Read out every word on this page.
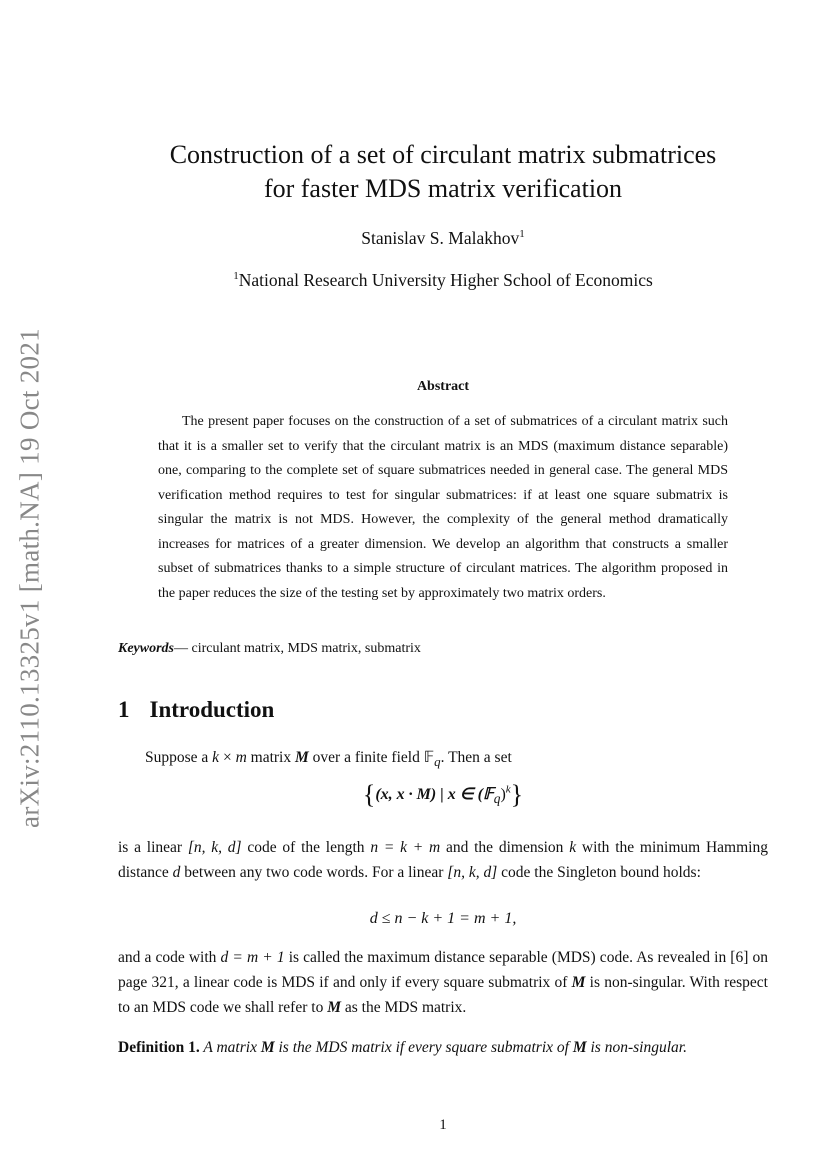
arXiv:2110.13325v1 [math.NA] 19 Oct 2021
Construction of a set of circulant matrix submatrices
for faster MDS matrix verification
Stanislav S. Malakhov$^1$
$^1$National Research University Higher School of Economics
Abstract
The present paper focuses on the construction of a set of submatrices of a circulant matrix such that it is a smaller set to verify that the circulant matrix is an MDS (maximum distance separable) one, comparing to the complete set of square submatrices needed in general case. The general MDS verification method requires to test for singular submatrices: if at least one square submatrix is singular the matrix is not MDS. However, the complexity of the general method dramatically increases for matrices of a greater dimension. We develop an algorithm that constructs a smaller subset of submatrices thanks to a simple structure of circulant matrices. The algorithm proposed in the paper reduces the size of the testing set by approximately two matrix orders.
Keywords— circulant matrix, MDS matrix, submatrix
1 Introduction
Suppose a k × m matrix M over a finite field 𝔽$_q$. Then a set
{(x, x · M) | x ∈ (𝔽$_q$)$^k$}
is a linear [n, k, d] code of the length n = k + m and the dimension k with the minimum Hamming distance d between any two code words. For a linear [n, k, d] code the Singleton bound holds:
d ≤ n − k + 1 = m + 1,
and a code with d = m + 1 is called the maximum distance separable (MDS) code. As revealed in [6] on page 321, a linear code is MDS if and only if every square submatrix of M is non-singular. With respect to an MDS code we shall refer to M as the MDS matrix.
Definition 1. A matrix M is the MDS matrix if every square submatrix of M is non-singular.
1
